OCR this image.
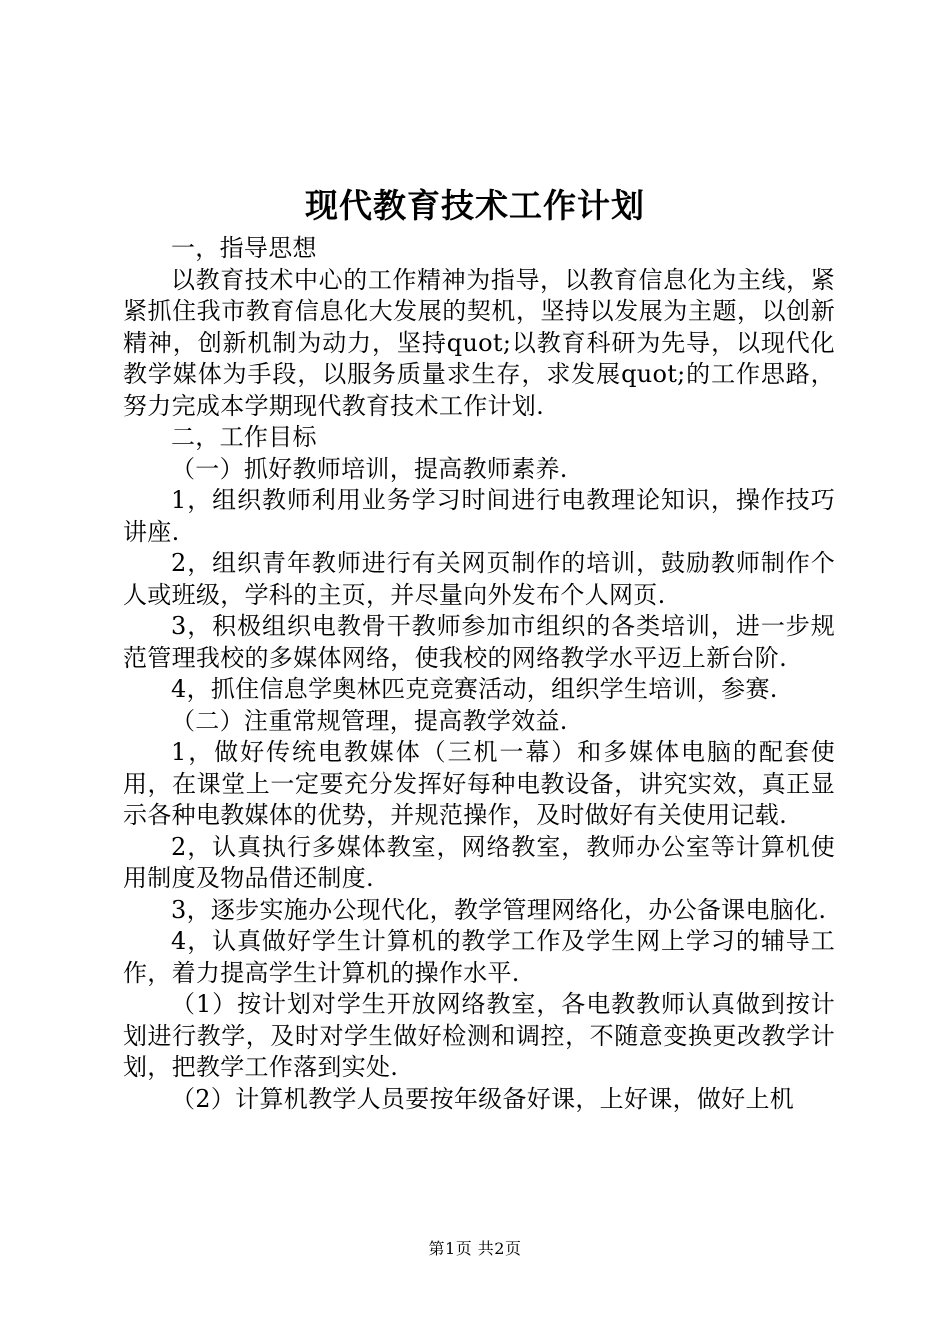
现代教育技术工作计划

一，指导思想

以教育技术中心的工作精神为指导，以教育信息化为主线，紧紧抓住我市教育信息化大发展的契机，坚持以发展为主题，以创新精神，创新机制为动力，坚持quot;以教育科研为先导，以现代化教学媒体为手段，以服务质量求生存，求发展quot;的工作思路，努力完成本学期现代教育技术工作计划.

二，工作目标

（一）抓好教师培训，提高教师素养.

1，组织教师利用业务学习时间进行电教理论知识，操作技巧讲座.

2，组织青年教师进行有关网页制作的培训，鼓励教师制作个人或班级，学科的主页，并尽量向外发布个人网页.

3，积极组织电教骨干教师参加市组织的各类培训，进一步规范管理我校的多媒体网络，使我校的网络教学水平迈上新台阶.

4，抓住信息学奥林匹克竞赛活动，组织学生培训，参赛.

（二）注重常规管理，提高教学效益.

1，做好传统电教媒体（三机一幕）和多媒体电脑的配套使用，在课堂上一定要充分发挥好每种电教设备，讲究实效，真正显示各种电教媒体的优势，并规范操作，及时做好有关使用记载.

2，认真执行多媒体教室，网络教室，教师办公室等计算机使用制度及物品借还制度.

3，逐步实施办公现代化，教学管理网络化，办公备课电脑化.

4，认真做好学生计算机的教学工作及学生网上学习的辅导工作，着力提高学生计算机的操作水平.

（1）按计划对学生开放网络教室，各电教教师认真做到按计划进行教学，及时对学生做好检测和调控，不随意变换更改教学计划，把教学工作落到实处.

（2）计算机教学人员要按年级备好课，上好课，做好上机

第1页 共2页
